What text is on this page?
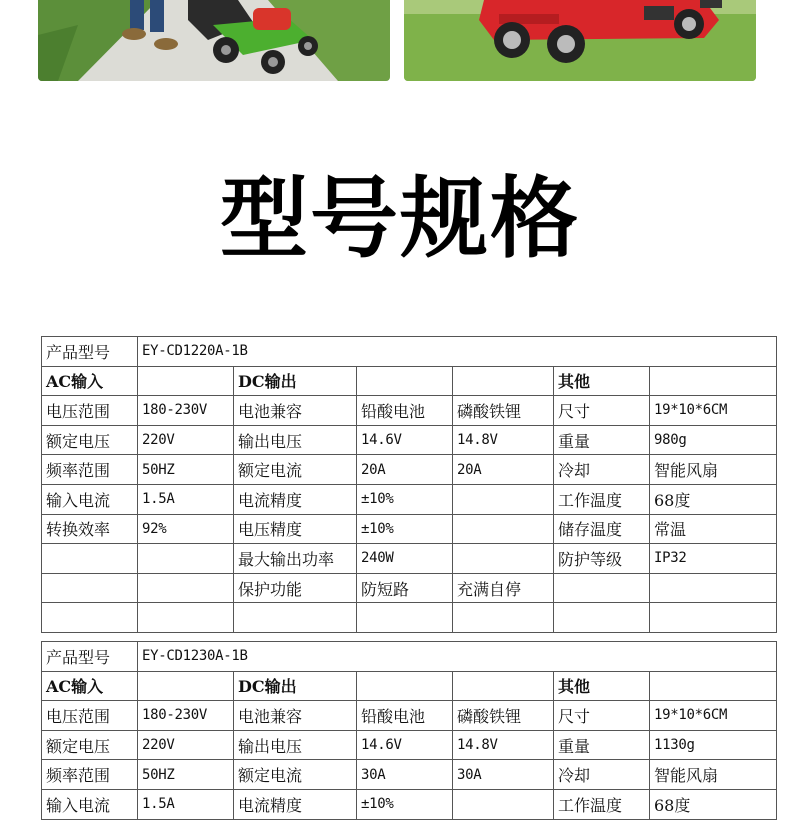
型号规格
产品型号	EY-CD1220A-1B					
AC输入		DC输出			其他	
电压范围	180-230V	电池兼容	铅酸电池	磷酸铁锂	尺寸	19*10*6CM
额定电压	220V	输出电压	14.6V	14.8V	重量	980g
频率范围	50HZ	额定电流	20A	20A	冷却	智能风扇
输入电流	1.5A	电流精度	±10%		工作温度	68度
转换效率	92%	电压精度	±10%		储存温度	常温
		最大输出功率	240W		防护等级	IP32
		保护功能	防短路	充满自停		

产品型号	EY-CD1230A-1B					
AC输入		DC输出			其他	
电压范围	180-230V	电池兼容	铅酸电池	磷酸铁锂	尺寸	19*10*6CM
额定电压	220V	输出电压	14.6V	14.8V	重量	1130g
频率范围	50HZ	额定电流	30A	30A	冷却	智能风扇
输入电流	1.5A	电流精度	±10%		工作温度	68度
